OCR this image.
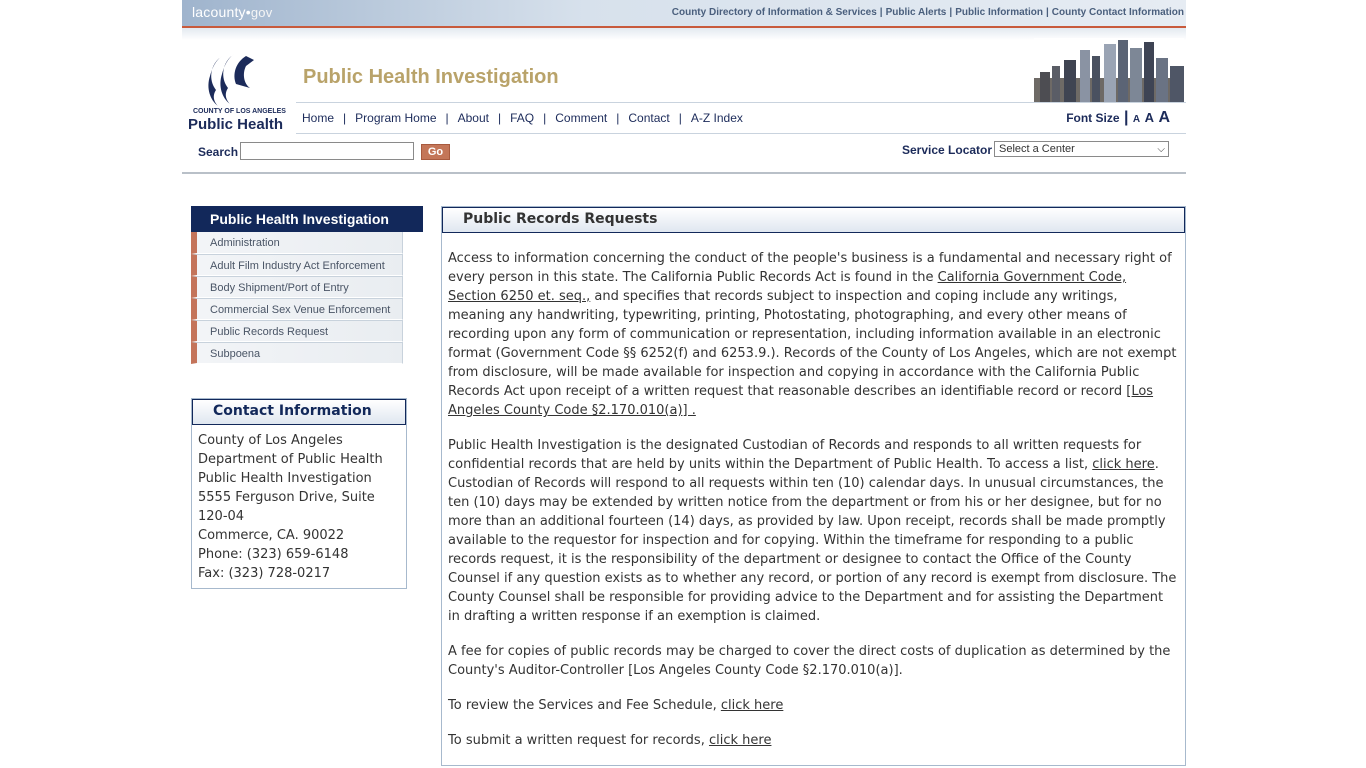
lacounty•gov	County Directory of Information & Services | Public Alerts | Public Information | County Contact Information
COUNTY OF LOS ANGELES
Public Health
Public Health Investigation
Home | Program Home | About | FAQ | Comment | Contact | A-Z Index	Font Size | A A A
Search	Go	Service Locator Select a Center	⌵
Public Health Investigation
Administration
Adult Film Industry Act Enforcement
Body Shipment/Port of Entry
Commercial Sex Venue Enforcement
Public Records Request
Subpoena
Contact Information
County of Los Angeles
Department of Public Health
Public Health Investigation
5555 Ferguson Drive, Suite 120-04
Commerce, CA. 90022
Phone: (323) 659-6148
Fax: (323) 728-0217
Public Records Requests

Access to information concerning the conduct of the people's business is a fundamental and necessary right of every person in this state. The California Public Records Act is found in the California Government Code, Section 6250 et. seq., and specifies that records subject to inspection and coping include any writings, meaning any handwriting, typewriting, printing, Photostating, photographing, and every other means of recording upon any form of communication or representation, including information available in an electronic format (Government Code §§ 6252(f) and 6253.9.). Records of the County of Los Angeles, which are not exempt from disclosure, will be made available for inspection and copying in accordance with the California Public Records Act upon receipt of a written request that reasonable describes an identifiable record or record [Los Angeles County Code §2.170.010(a)] .

Public Health Investigation is the designated Custodian of Records and responds to all written requests for confidential records that are held by units within the Department of Public Health. To access a list, click here. Custodian of Records will respond to all requests within ten (10) calendar days. In unusual circumstances, the ten (10) days may be extended by written notice from the department or from his or her designee, but for no more than an additional fourteen (14) days, as provided by law. Upon receipt, records shall be made promptly available to the requestor for inspection and for copying. Within the timeframe for responding to a public records request, it is the responsibility of the department or designee to contact the Office of the County Counsel if any question exists as to whether any record, or portion of any record is exempt from disclosure. The County Counsel shall be responsible for providing advice to the Department and for assisting the Department in drafting a written response if an exemption is claimed.

A fee for copies of public records may be charged to cover the direct costs of duplication as determined by the County's Auditor-Controller [Los Angeles County Code §2.170.010(a)].

To review the Services and Fee Schedule, click here

To submit a written request for records, click here
